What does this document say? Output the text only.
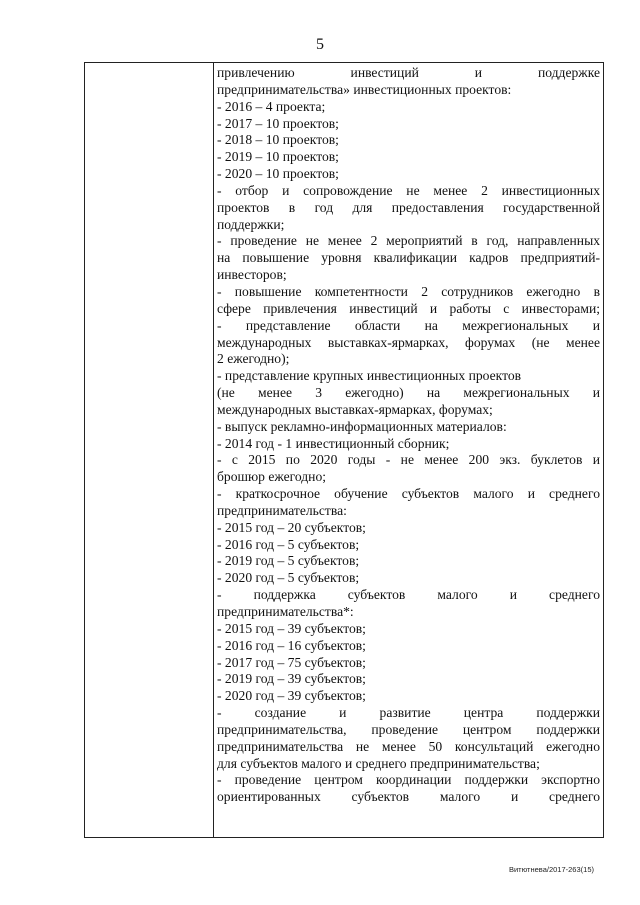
5
привлечению инвестиций и поддержке
предпринимательства» инвестиционных проектов:
- 2016 – 4 проекта;
- 2017 – 10 проектов;
- 2018 – 10 проектов;
- 2019 – 10 проектов;
- 2020 – 10 проектов;
- отбор и сопровождение не менее 2 инвестиционных
проектов в год для предоставления государственной
поддержки;
- проведение не менее 2 мероприятий в год, направленных
на повышение уровня квалификации кадров предприятий-
инвесторов;
- повышение компетентности 2 сотрудников ежегодно в
сфере привлечения инвестиций и работы с инвесторами;
- представление области на межрегиональных и
международных выставках-ярмарках, форумах (не менее
2 ежегодно);
- представление крупных инвестиционных проектов
(не менее 3 ежегодно) на межрегиональных и
международных выставках-ярмарках, форумах;
- выпуск рекламно-информационных материалов:
- 2014 год - 1 инвестиционный сборник;
- с 2015 по 2020 годы - не менее 200 экз. буклетов и
брошюр ежегодно;
- краткосрочное обучение субъектов малого и среднего
предпринимательства:
- 2015 год – 20 субъектов;
- 2016 год – 5 субъектов;
- 2019 год – 5 субъектов;
- 2020 год – 5 субъектов;
- поддержка субъектов малого и среднего
предпринимательства*:
- 2015 год – 39 субъектов;
- 2016 год – 16 субъектов;
- 2017 год – 75 субъектов;
- 2019 год – 39 субъектов;
- 2020 год – 39 субъектов;
- создание и развитие центра поддержки
предпринимательства, проведение центром поддержки
предпринимательства не менее 50 консультаций ежегодно
для субъектов малого и среднего предпринимательства;
- проведение центром координации поддержки экспортно
ориентированных субъектов малого и среднего
Витютнева/2017-263(15)
